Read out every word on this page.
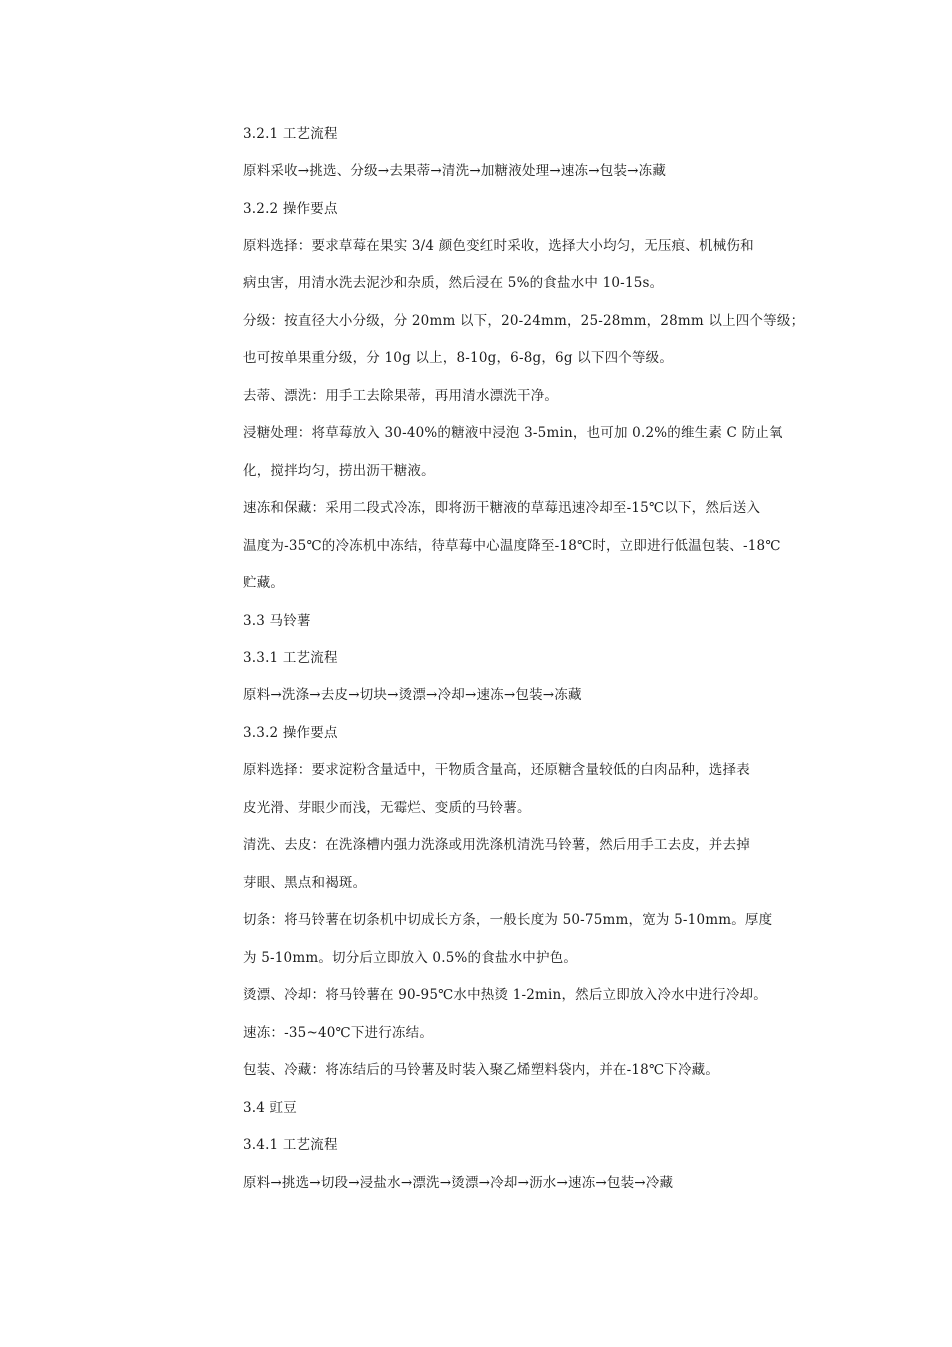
3.2.1 工艺流程
原料采收→挑选、分级→去果蒂→清洗→加糖液处理→速冻→包装→冻藏
3.2.2 操作要点
原料选择：要求草莓在果实 3/4 颜色变红时采收，选择大小均匀，无压痕、机械伤和
病虫害，用清水洗去泥沙和杂质，然后浸在 5%的食盐水中 10-15s。
分级：按直径大小分级，分 20mm 以下，20-24mm，25-28mm，28mm 以上四个等级；
也可按单果重分级，分 10g 以上，8-10g，6-8g，6g 以下四个等级。
去蒂、漂洗：用手工去除果蒂，再用清水漂洗干净。
浸糖处理：将草莓放入 30-40%的糖液中浸泡 3-5min，也可加 0.2%的维生素 C 防止氧
化，搅拌均匀，捞出沥干糖液。
速冻和保藏：采用二段式冷冻，即将沥干糖液的草莓迅速冷却至-15℃以下，然后送入
温度为-35℃的冷冻机中冻结，待草莓中心温度降至-18℃时，立即进行低温包装、-18℃
贮藏。
3.3 马铃薯
3.3.1 工艺流程
原料→洗涤→去皮→切块→烫漂→冷却→速冻→包装→冻藏
3.3.2 操作要点
原料选择：要求淀粉含量适中，干物质含量高，还原糖含量较低的白肉品种，选择表
皮光滑、芽眼少而浅，无霉烂、变质的马铃薯。
清洗、去皮：在洗涤槽内强力洗涤或用洗涤机清洗马铃薯，然后用手工去皮，并去掉
芽眼、黑点和褐斑。
切条：将马铃薯在切条机中切成长方条，一般长度为 50-75mm，宽为 5-10mm。厚度
为 5-10mm。切分后立即放入 0.5%的食盐水中护色。
烫漂、冷却：将马铃薯在 90-95℃水中热烫 1-2min，然后立即放入冷水中进行冷却。
速冻：-35~40℃下进行冻结。
包装、冷藏：将冻结后的马铃薯及时装入聚乙烯塑料袋内，并在-18℃下冷藏。
3.4 豇豆
3.4.1 工艺流程
原料→挑选→切段→浸盐水→漂洗→烫漂→冷却→沥水→速冻→包装→冷藏
